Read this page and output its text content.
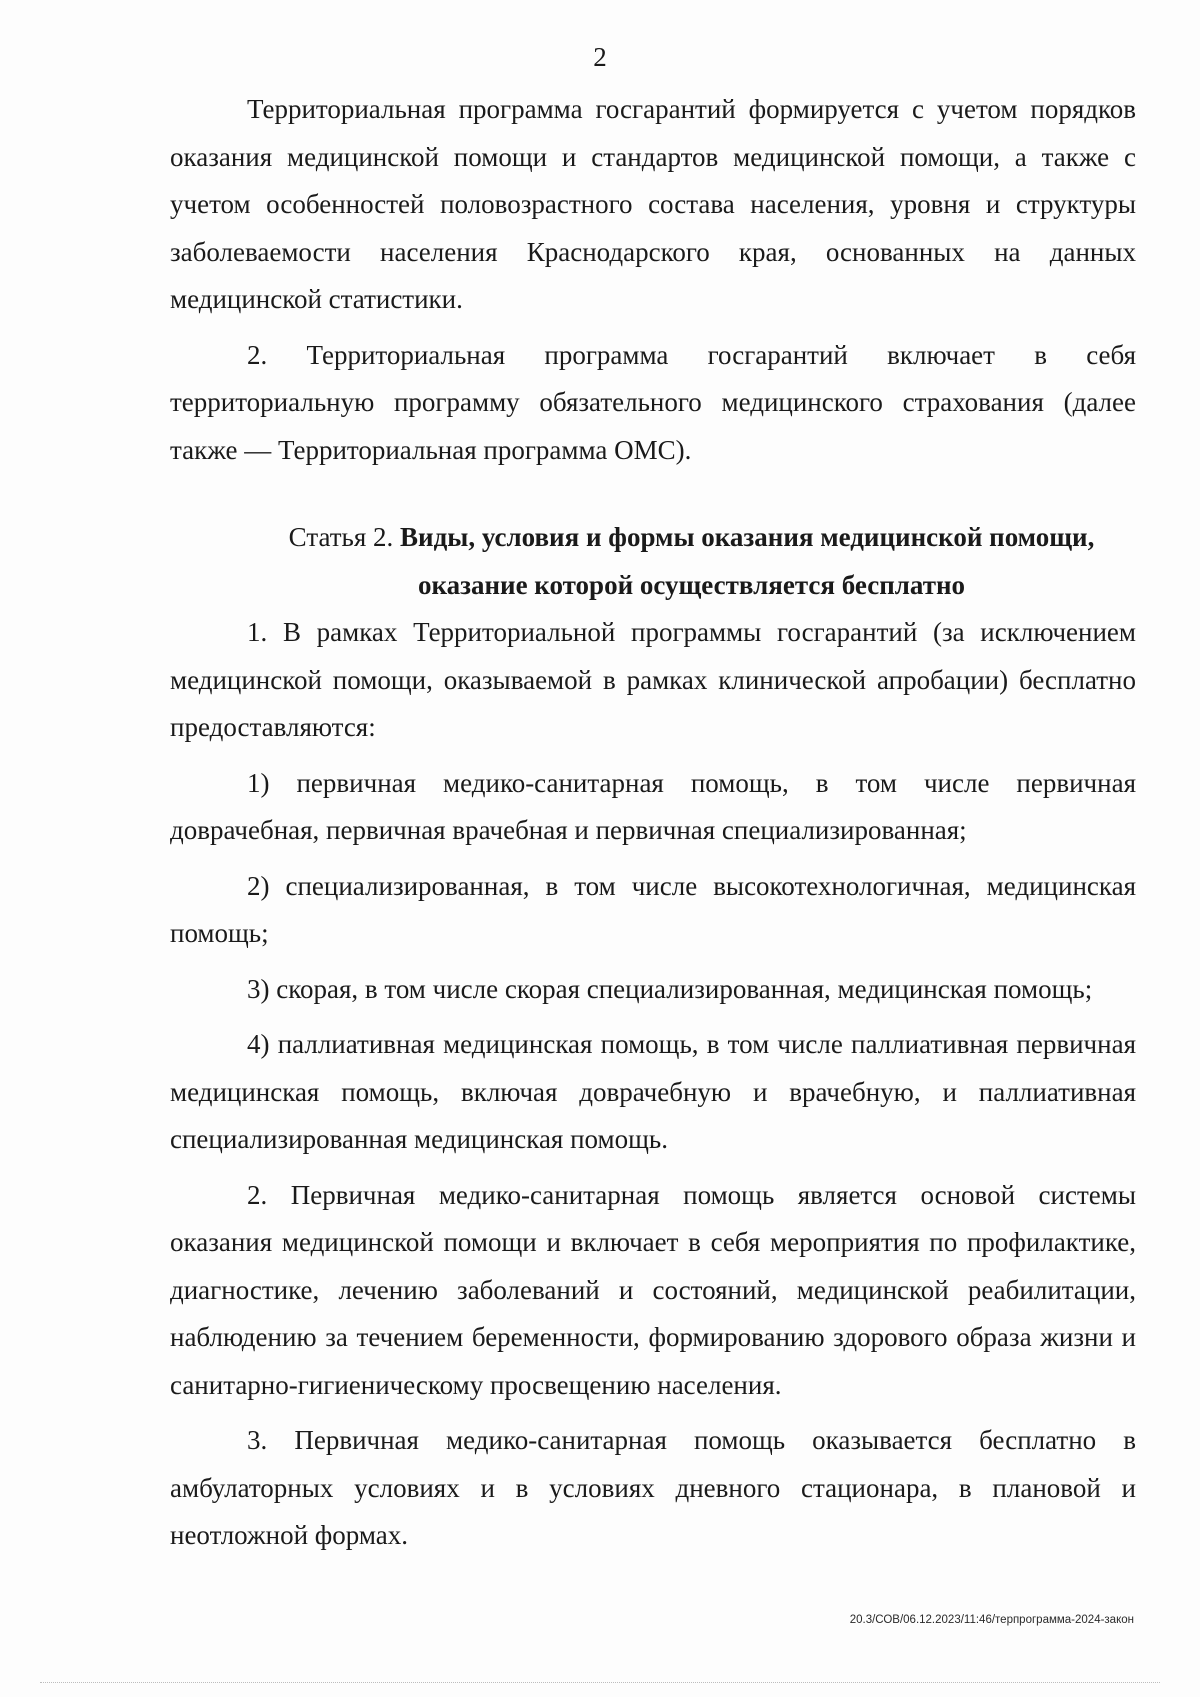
2

Территориальная программа госгарантий формируется с учетом порядков оказания медицинской помощи и стандартов медицинской помощи, а также с учетом особенностей половозрастного состава населения, уровня и структуры заболеваемости населения Краснодарского края, основанных на данных медицинской статистики.

2. Территориальная программа госгарантий включает в себя территориальную программу обязательного медицинского страхования (далее также — Территориальная программа ОМС).

Статья 2. Виды, условия и формы оказания медицинской помощи, оказание которой осуществляется бесплатно

1. В рамках Территориальной программы госгарантий (за исключением медицинской помощи, оказываемой в рамках клинической апробации) бесплатно предоставляются:

1) первичная медико-санитарная помощь, в том числе первичная доврачебная, первичная врачебная и первичная специализированная;

2) специализированная, в том числе высокотехнологичная, медицинская помощь;

3) скорая, в том числе скорая специализированная, медицинская помощь;

4) паллиативная медицинская помощь, в том числе паллиативная первичная медицинская помощь, включая доврачебную и врачебную, и паллиативная специализированная медицинская помощь.

2. Первичная медико-санитарная помощь является основой системы оказания медицинской помощи и включает в себя мероприятия по профилактике, диагностике, лечению заболеваний и состояний, медицинской реабилитации, наблюдению за течением беременности, формированию здорового образа жизни и санитарно-гигиеническому просвещению населения.

3. Первичная медико-санитарная помощь оказывается бесплатно в амбулаторных условиях и в условиях дневного стационара, в плановой и неотложной формах.

20.3/СОВ/06.12.2023/11:46/терпрограмма-2024-закон
